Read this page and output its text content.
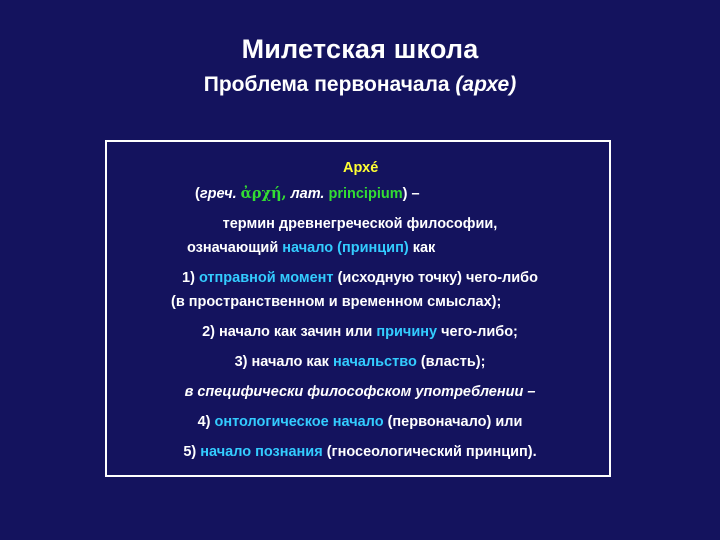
Милетская школа
Проблема первоначала (архе)
Архé
(греч. ἀρχή, лат. principium) –
термин древнегреческой философии,
означающий начало (принцип) как
1) отправной момент (исходную точку) чего-либо
(в пространственном и временном смыслах);
2) начало как зачин или причину чего-либо;
3) начало как начальство (власть);
в специфически философском употреблении –
4) онтологическое начало (первоначало) или
5) начало познания (гносеологический принцип).
